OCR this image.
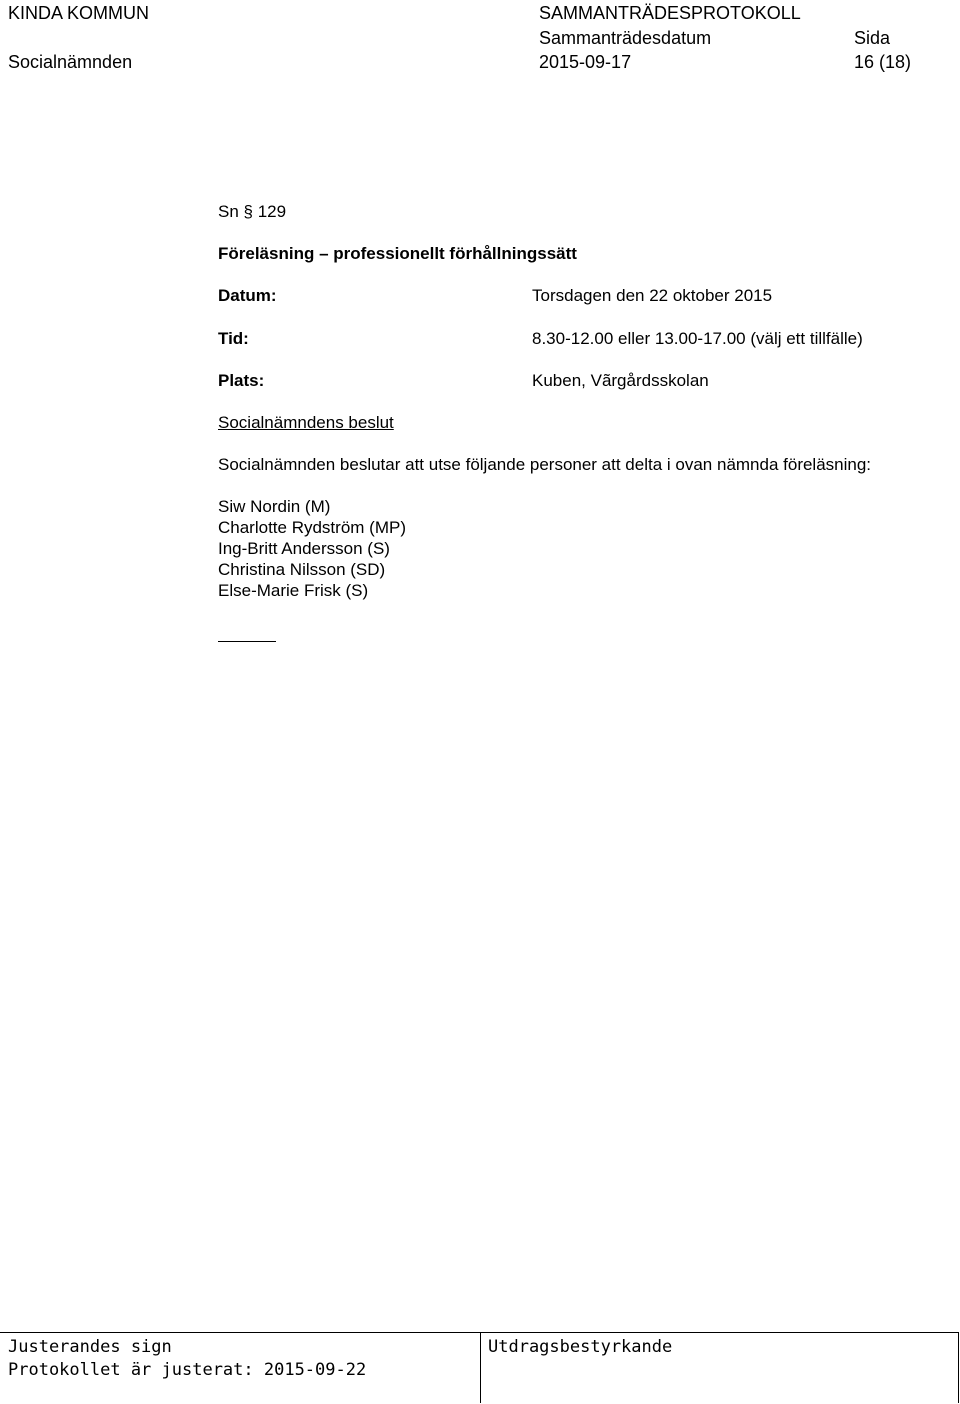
KINDA KOMMUN
Socialnämnden
SAMMANTRÄDESPROTOKOLL
Sammanträdesdatum
2015-09-17
Sida
16 (18)
Sn § 129
Föreläsning – professionellt förhållningssätt
Datum:	Torsdagen den 22 oktober 2015
Tid:	8.30-12.00 eller 13.00-17.00 (välj ett tillfälle)
Plats:	Kuben, Vãrgårdsskolan
Socialnämndens beslut
Socialnämnden beslutar att utse följande personer att delta i ovan nämnda föreläsning:
Siw Nordin (M)
Charlotte Rydström (MP)
Ing-Britt Andersson (S)
Christina Nilsson (SD)
Else-Marie Frisk (S)
Justerandes sign
Protokollet är justerat: 2015-09-22
Utdragsbestyrkande
